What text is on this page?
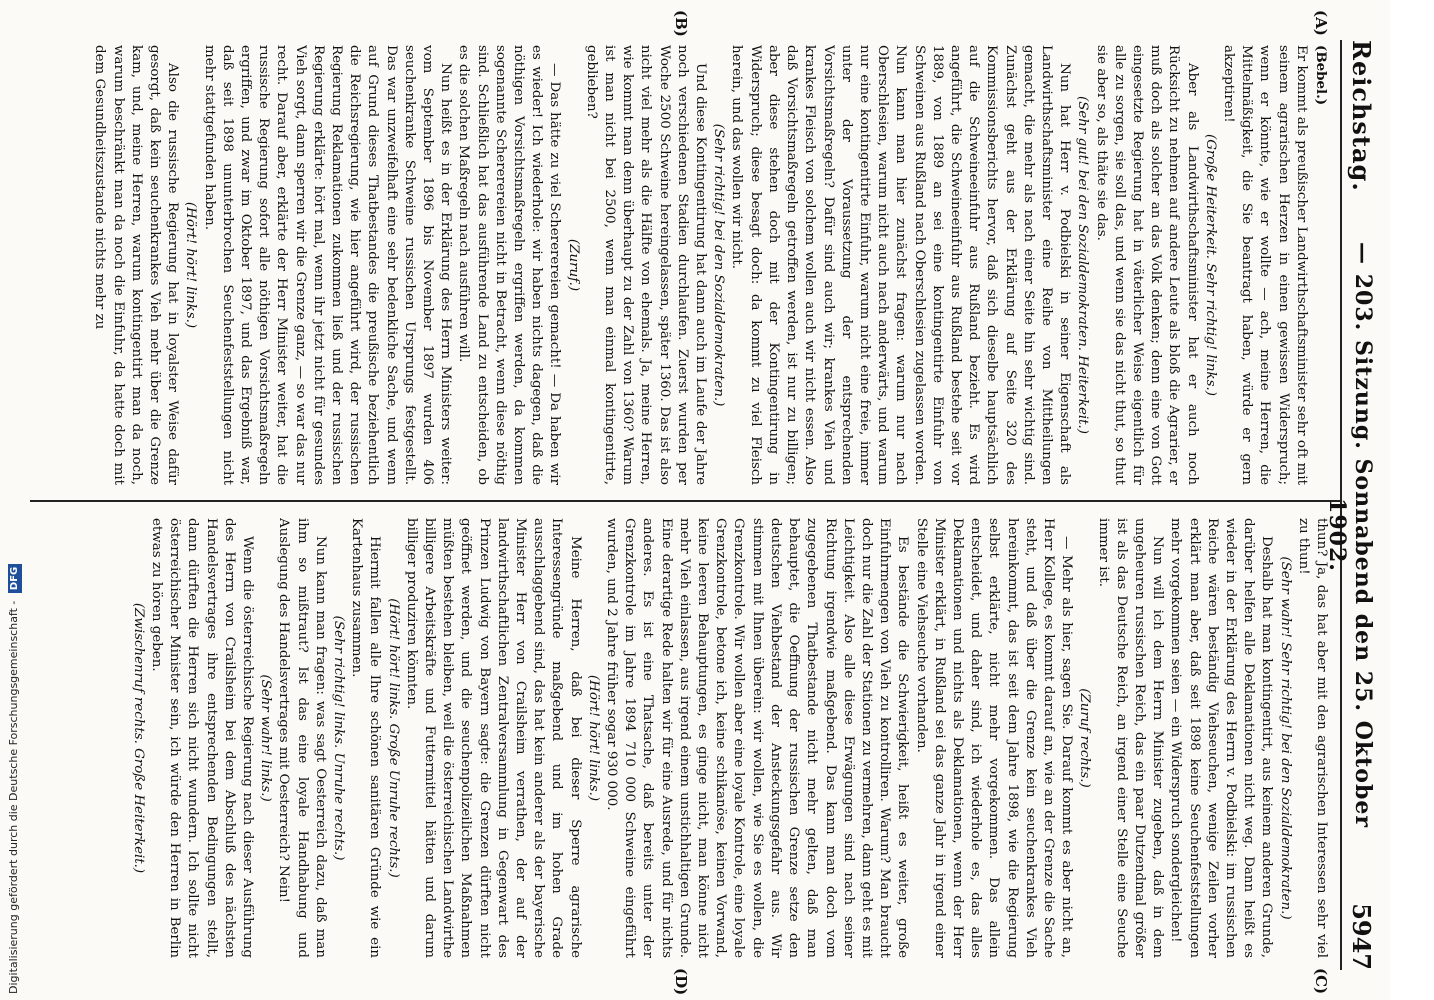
Reichstag.
— 203. Sitzung. Sonnabend den 25. Oktober 1902.
5947
(A)
(B)
(C)
(D)

(Bebel.)

Er kommt als preußischer Landwirthschaftsminister sehr oft mit seinem agrarischen Herzen in einen gewissen Widerspruch; wenn er könnte, wie er wollte — ach, meine Herren, die Mittelmäßigkeit, die Sie beantragt haben, würde er gern akzeptiren!

(Große Heiterkeit. Sehr richtig! links.)

Aber als Landwirthschaftsminister hat er auch noch Rücksicht zu nehmen auf andere Leute als bloß die Agrarier, er muß doch als solcher an das Volk denken; denn eine von Gott eingesetzte Regierung hat in väterlicher Weise eigentlich für alle zu sorgen, sie soll das, und wenn sie das nicht thut, so thut sie aber so, als thäte sie das.

(Sehr gut! bei den Sozialdemokraten. Heiterkeit.)

Nun hat Herr v. Podbielski in seiner Eigenschaft als Landwirthschaftsminister eine Reihe von Mittheilungen gemacht, die mehr als nach einer Seite hin sehr wichtig sind. Zunächst geht aus der Erklärung auf Seite 320 des Kommissionsberichts hervor, daß sich dieselbe hauptsächlich auf die Schweineeinfuhr aus Rußland bezieht. Es wird angeführt, die Schweineeinfuhr aus Rußland bestehe seit vor 1889, von 1889 an sei eine kontingentirte Einfuhr von Schweinen aus Rußland nach Oberschlesien zugelassen worden. Nun kann man hier zunächst fragen: warum nur nach Oberschlesien, warum nicht auch nach anderwärts, und warum nur eine kontingentirte Einfuhr, warum nicht eine freie, immer unter der Voraussetzung der entsprechenden Vorsichtsmaßregeln? Dafür sind auch wir; krankes Vieh und krankes Fleisch von solchem wollen auch wir nicht essen. Also daß Vorsichtsmaßregeln getroffen werden, ist nur zu billigen; aber diese stehen doch mit der Kontingentirung in Widerspruch; diese besagt doch: da kommt zu viel Fleisch herein, und das wollen wir nicht.

(Sehr richtig! bei den Sozialdemokraten.)

Und diese Kontingentirung hat dann auch im Laufe der Jahre noch verschiedenen Stadien durchlaufen. Zuerst wurden per Woche 2500 Schweine hereingelassen, später 1360. Das ist also nicht viel mehr als die Hälfte von ehemals. Ja, meine Herren, wie kommt man denn überhaupt zu der Zahl von 1360? Warum ist man nicht bei 2500, wenn man einmal kontingentirte, geblieben?

(Zuruf.)

— Das hätte zu viel Schererereien gemacht! — Da haben wir es wieder! Ich wiederhole: wir haben nichts dagegen, daß die nöthigen Vorsichtsmaßregeln ergriffen werden, da kommen sogenannte Schererereien nicht in Betracht, wenn diese nöthig sind. Schließlich hat das ausführende Land zu entscheiden, ob es die solchen Maßregeln nach ausführen will.

Nun heißt es in der Erklärung des Herrn Ministers weiter: vom September 1896 bis November 1897 wurden 406 seuchenkranke Schweine russischen Ursprungs festgestellt. Das war unzweifelhaft eine sehr bedenkliche Sache, und wenn auf Grund dieses Thatbestandes die preußische beziehentlich die Reichsregierung, wie hier angeführt wird, der russischen Regierung Reklamationen zukommen ließ und der russischen Regierung erklärte: hört mal, wenn ihr jetzt nicht für gesundes Vieh sorgt, dann sperren wir die Grenze ganz, — so war das nur recht. Darauf aber, erklärte der Herr Minister weiter, hat die russische Regierung sofort alle nöthigen Vorsichtsmaßregeln ergriffen, und zwar im Oktober 1897, und das Ergebniß war, daß seit 1898 ununterbrochen Seuchenfeststellungen nicht mehr stattgefunden haben.

(Hört! hört! links.)

Also die russische Regierung hat in loyalster Weise dafür gesorgt, daß kein seuchenkrankes Vieh mehr über die Grenze kam, und, meine Herren, warum kontingentirt man da noch, warum beschränkt man da noch die Einfuhr, da hatte doch mit dem Gesundheitszustande nichts mehr zu

thun? Ja, das hat aber mit den agrarischen Interessen sehr viel zu thun!

(Sehr wahr! Sehr richtig! bei den Sozialdemokraten.)

Deshalb hat man kontingentirt, aus keinem anderen Grunde, darüber helfen alle Deklamationen nicht weg. Dann heißt es wieder in der Erklärung des Herrn v. Podbielski: im russischen Reiche wären beständig Viehseuchen, wenige Zeilen vorher erklärt man aber, daß seit 1898 keine Seuchenfeststellungen mehr vorgekommen seien — ein Widerspruch sondergleichen!

Nun will ich dem Herrn Minister zugeben, daß in dem ungeheuren russischen Reich, das ein paar Dutzendmal größer ist als das Deutsche Reich, an irgend einer Stelle eine Seuche immer ist.

(Zuruf rechts.)

— Mehr als hier, sagen Sie. Darauf kommt es aber nicht an, Herr Kollege, es kommt darauf an, wie an der Grenze die Sache steht, und daß über die Grenze kein seuchenkrankes Vieh hereinkommt, das ist seit dem Jahre 1898, wie die Regierung selbst erklärte, nicht mehr vorgekommen. Das allein entscheidet, und daher sind, ich wiederhole es, das alles Deklamationen und nichts als Deklamationen, wenn der Herr Minister erklärt, in Rußland sei das ganze Jahr in irgend einer Stelle eine Viehseuche vorhanden.

Es bestände die Schwierigkeit, heißt es weiter, große Einfuhrmengen von Vieh zu kontrolliren. Warum? Man braucht doch nur die Zahl der Stationen zu vermehren, dann geht es mit Leichtigkeit. Also alle diese Erwägungen sind nach seiner Richtung irgendwie maßgebend. Das kann man doch vom zugegebenen Thatbestande nicht mehr gelten, daß man behauptet, die Oeffnung der russischen Grenze setze den deutschen Viehbestand der Ansteckungsgefahr aus. Wir stimmen mit Ihnen überein: wir wollen, wie Sie es wollen, die Grenzkontrole. Wir wollen aber eine loyale Kontrole, eine loyale Grenzkontrole, betone ich, keine schikanöse, keinen Vorwand, keine leeren Behauptungen, es ginge nicht, man könne nicht mehr Vieh einlassen, aus irgend einem unstichhaltigen Grunde. Eine derartige Rede halten wir für eine Ausrede, und für nichts anderes. Es ist eine Thatsache, daß bereits unter der Grenzkontrole im Jahre 1894 710 000 Schweine eingeführt wurden, und 2 Jahre früher sogar 930 000.

(Hört! hört! links.)

Meine Herren, daß bei dieser Sperre agrarische Interessengründe maßgebend und im hohen Grade ausschlaggebend sind, das hat kein anderer als der bayerische Minister Herr von Crailsheim verrathen, der auf der landwirthschaftlichen Zentralversammlung in Gegenwart des Prinzen Ludwig von Bayern sagte: die Grenzen dürften nicht geöffnet werden, und die seuchenpolizeilichen Maßnahmen müßten bestehen bleiben, weil die österreichischen Landwirthe billigere Arbeitskräfte und Futtermittel hätten und darum billiger produziren könnten.

(Hört! hört! links. Große Unruhe rechts.)

Hiermit fallen alle Ihre schönen sanitären Gründe wie ein Kartenhaus zusammen.

(Sehr richtig! links. Unruhe rechts.)

Nun kann man fragen: was sagt Oesterreich dazu, daß man ihm so mißtraut? Ist das eine loyale Handhabung und Auslegung des Handelsvertrages mit Oesterreich? Nein!

(Sehr wahr! links.)

Wenn die österreichische Regierung nach dieser Ausführung des Herrn von Crailsheim bei dem Abschluß des nächsten Handelsvertrages ihre entsprechenden Bedingungen stellt, dann dürften die Herren sich nicht wundern. Ich sollte nicht österreichischer Minister sein, ich würde den Herren in Berlin etwas zu hören geben.

(Zwischenruf rechts. Große Heiterkeit.)

Digitalisierung gefördert durch die Deutsche Forschungsgemeinschaft - DFG
